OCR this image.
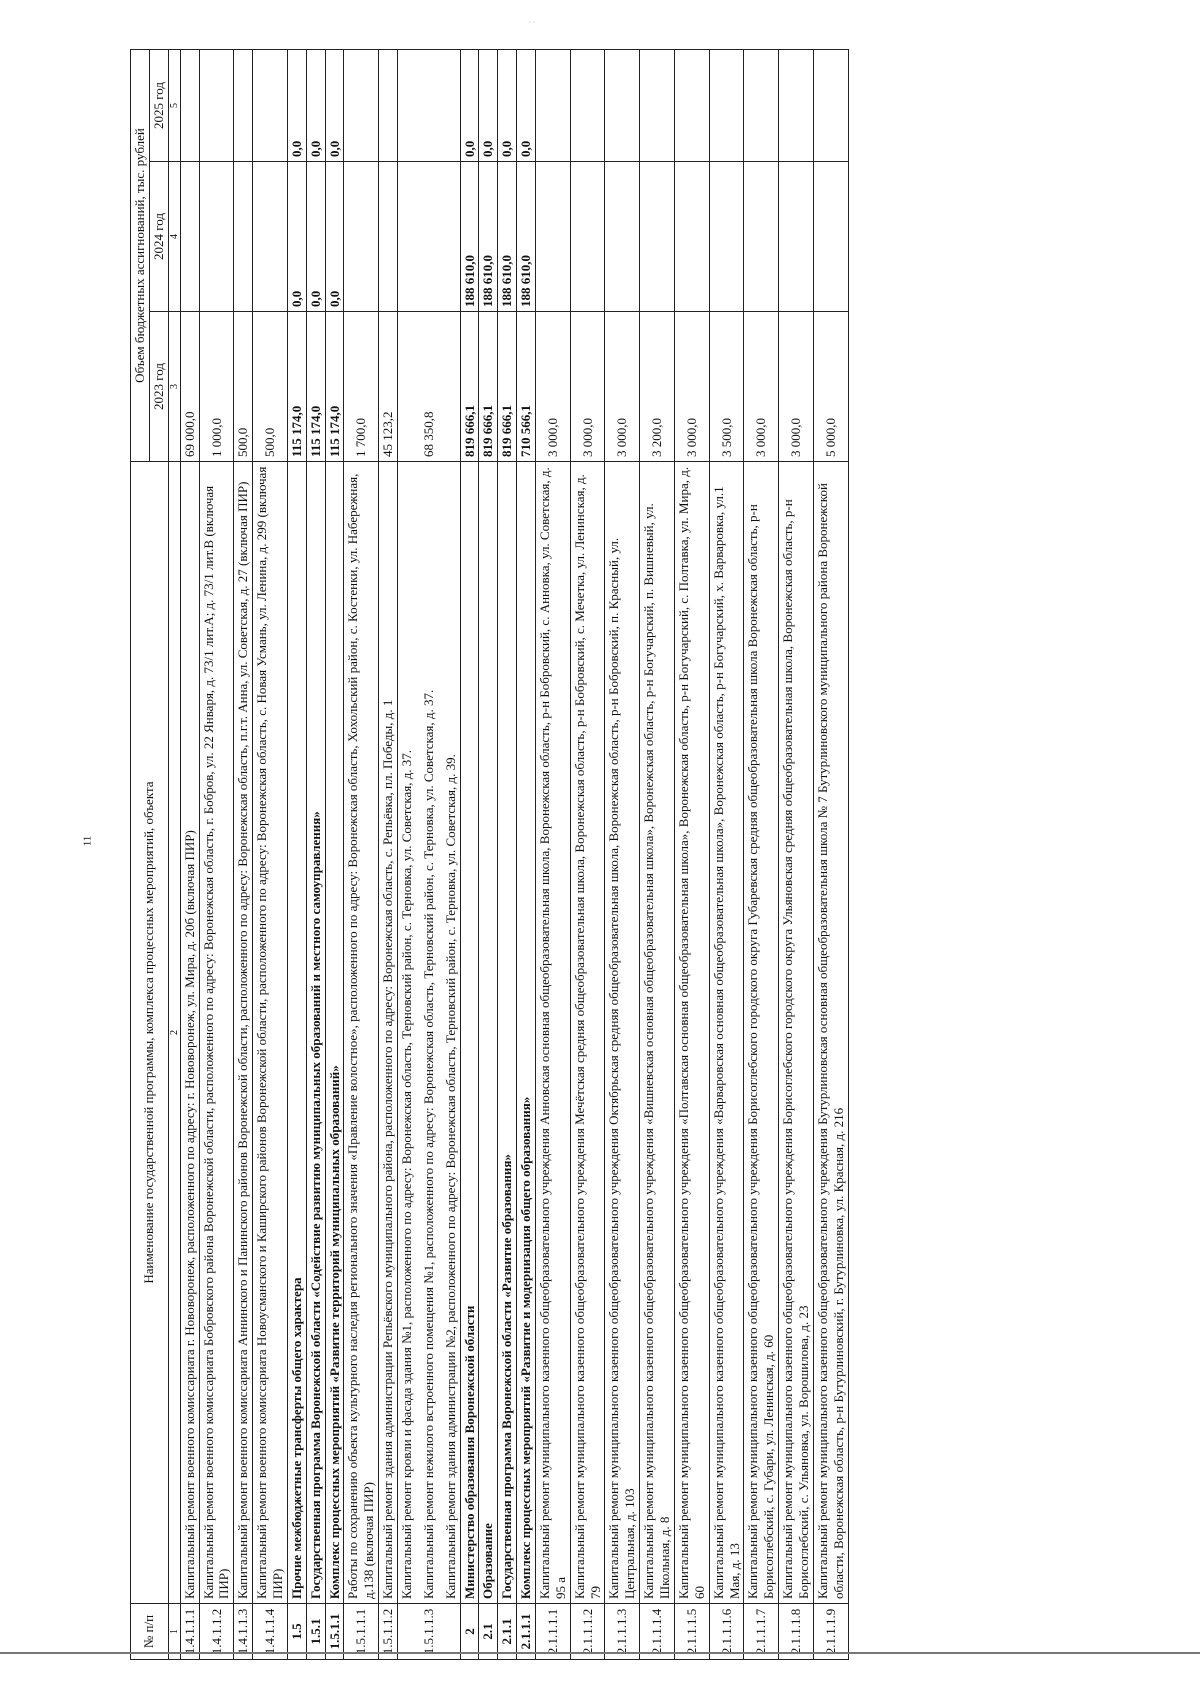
11
· ·
№ п/п	Наименование государственной программы, комплекса процессных мероприятий, объекта	Объем бюджетных ассигнований, тыс. рублей		
		2023 год	2024 год	2025 год
1	2	3	4	5
1.4.1.1.1	Капитальный ремонт военного комиссариата г. Нововоронеж, расположенного по адресу: г. Нововоронеж, ул. Мира, д. 20б (включая ПИР)	69 000,0		
1.4.1.1.2	Капитальный ремонт военного комиссариата Бобровского района Воронежской области, расположенного по адресу: Воронежская область, г. Бобров, ул. 22 Января, д. 73/1 лит.А; д. 73/1 лит.В (включая ПИР)	1 000,0		
1.4.1.1.3	Капитальный ремонт военного комиссариата Аннинского и Панинского районов Воронежской области, расположенного по адресу: Воронежская область, п.г.т. Анна, ул. Советская, д. 27 (включая ПИР)	500,0		
1.4.1.1.4	Капитальный ремонт военного комиссариата Новоусманского и Каширского районов Воронежской области, расположенного по адресу: Воронежская область, с. Новая Усмань, ул. Ленина, д. 299 (включая ПИР)	500,0		
1.5	Прочие межбюджетные трансферты общего характера	115 174,0	0,0	0,0
1.5.1	Государственная программа Воронежской области «Содействие развитию муниципальных образований и местного самоуправления»	115 174,0	0,0	0,0
1.5.1.1	Комплекс процессных мероприятий «Развитие территорий муниципальных образований»	115 174,0	0,0	0,0
1.5.1.1.1	Работы по сохранению объекта культурного наследия регионального значения «Правление волостное», расположенного по адресу: Воронежская область, Хохольский район, с. Костенки, ул. Набережная, д.138 (включая ПИР)	1 700,0		
1.5.1.1.2	Капитальный ремонт здания администрации Репьёвского муниципального района, расположенного по адресу: Воронежская область, с. Репьёвка, пл. Победы, д. 1	45 123,2		
1.5.1.1.3	Капитальный ремонт кровли и фасада здания №1, расположенного по адресу: Воронежская область, Терновский район, с. Терновка, ул. Советская, д. 37. Капитальный ремонт нежилого встроенного помещения №1, расположенного по адресу: Воронежская область, Терновский район, с. Терновка, ул. Советская, д. 37. Капитальный ремонт здания администрации №2, расположенного по адресу: Воронежская область, Терновский район, с. Терновка, ул. Советская, д. 39.	68 350,8		
2	Министерство образования Воронежской области	819 666,1	188 610,0	0,0
2.1	Образование	819 666,1	188 610,0	0,0
2.1.1	Государственная программа Воронежской области «Развитие образования»	819 666,1	188 610,0	0,0
2.1.1.1	Комплекс процессных мероприятий «Развитие и модернизация общего образования»	710 566,1	188 610,0	0,0
2.1.1.1.1	Капитальный ремонт муниципального казенного общеобразовательного учреждения Анновская основная общеобразовательная школа, Воронежская область, р-н Бобровский, с. Анновка, ул. Советская, д. 95 а	3 000,0		
2.1.1.1.2	Капитальный ремонт муниципального казенного общеобразовательного учреждения Мечётская средняя общеобразовательная школа, Воронежская область, р-н Бобровский, с. Мечетка, ул. Ленинская, д. 79	3 000,0		
2.1.1.1.3	Капитальный ремонт муниципального казенного общеобразовательного учреждения Октябрьская средняя общеобразовательная школа, Воронежская область, р-н Бобровский, п. Красный, ул. Центральная, д. 103	3 000,0		
2.1.1.1.4	Капитальный ремонт муниципального казенного общеобразовательного учреждения «Вишневская основная общеобразовательная школа», Воронежская область, р-н Богучарский, п. Вишневый, ул. Школьная, д. 8	3 200,0		
2.1.1.1.5	Капитальный ремонт муниципального казенного общеобразовательного учреждения «Полтавская основная общеобразовательная школа», Воронежская область, р-н Богучарский, с. Полтавка, ул. Мира, д. 60	3 000,0		
2.1.1.1.6	Капитальный ремонт муниципального казенного общеобразовательного учреждения «Варваровская основная общеобразовательная школа», Воронежская область, р-н Богучарский, х. Варваровка, ул.1 Мая, д. 13	3 500,0		
2.1.1.1.7	Капитальный ремонт муниципального казенного общеобразовательного учреждения Борисоглебского городского округа Губаревская средняя общеобразовательная школа Воронежская область, р-н Борисоглебский, с. Губари, ул. Ленинская, д. 60	3 000,0		
2.1.1.1.8	Капитальный ремонт муниципального казенного общеобразовательного учреждения Борисоглебского городского округа Ульяновская средняя общеобразовательная школа, Воронежская область, р-н Борисоглебский, с. Ульяновка, ул. Ворошилова, д. 23	3 000,0		
2.1.1.1.9	Капитальный ремонт муниципального казенного общеобразовательного учреждения Бутурлиновская основная общеобразовательная школа № 7 Бутурлиновского муниципального района Воронежской области, Воронежская область, р-н Бутурлиновский, г. Бутурлиновка, ул. Красная, д. 216	5 000,0		
